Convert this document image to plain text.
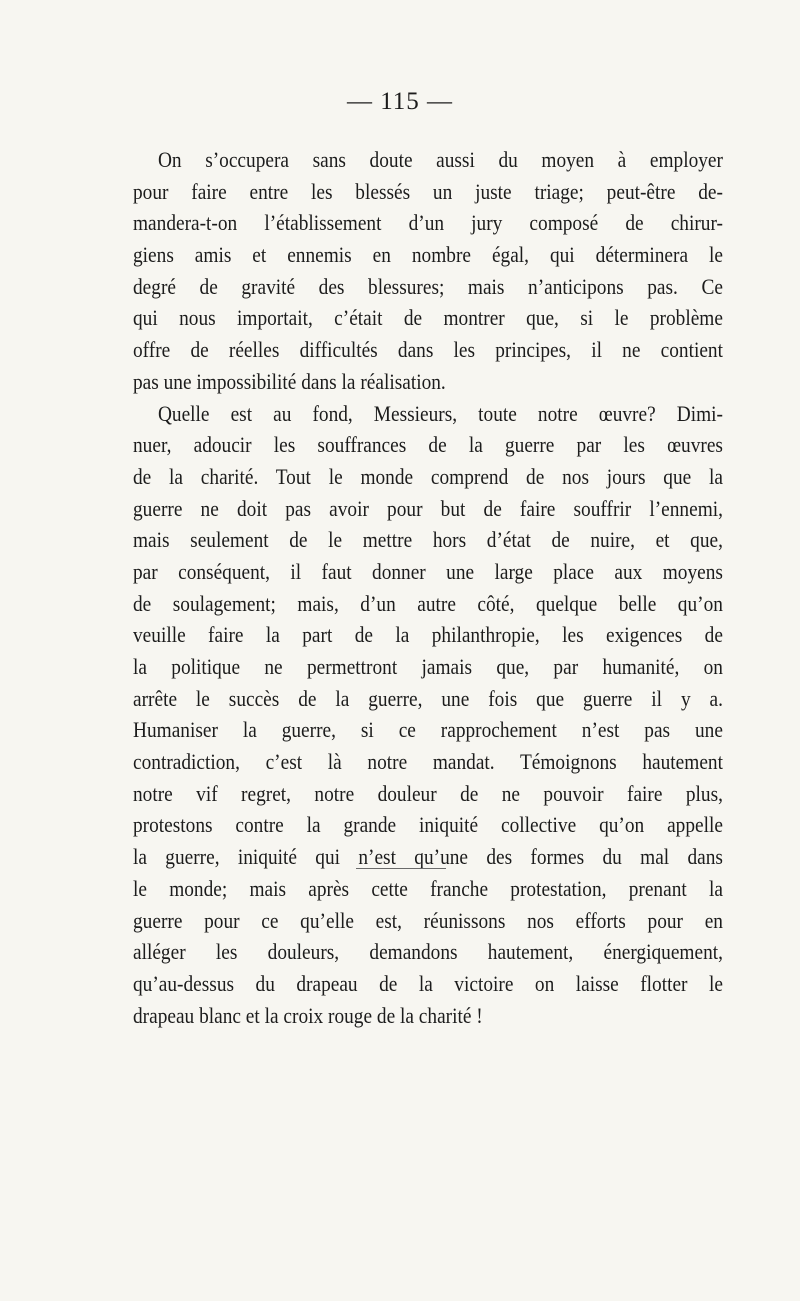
— 115 —
On s’occupera sans doute aussi du moyen à employer
pour faire entre les blessés un juste triage; peut-être de-
mandera-t-on l’établissement d’un jury composé de chirur-
giens amis et ennemis en nombre égal, qui déterminera le
degré de gravité des blessures; mais n’anticipons pas. Ce
qui nous importait, c’était de montrer que, si le problème
offre de réelles difficultés dans les principes, il ne contient
pas une impossibilité dans la réalisation.
Quelle est au fond, Messieurs, toute notre œuvre? Dimi-
nuer, adoucir les souffrances de la guerre par les œuvres
de la charité. Tout le monde comprend de nos jours que la
guerre ne doit pas avoir pour but de faire souffrir l’ennemi,
mais seulement de le mettre hors d’état de nuire, et que,
par conséquent, il faut donner une large place aux moyens
de soulagement; mais, d’un autre côté, quelque belle qu’on
veuille faire la part de la philanthropie, les exigences de
la politique ne permettront jamais que, par humanité, on
arrête le succès de la guerre, une fois que guerre il y a.
Humaniser la guerre, si ce rapprochement n’est pas une
contradiction, c’est là notre mandat. Témoignons hautement
notre vif regret, notre douleur de ne pouvoir faire plus,
protestons contre la grande iniquité collective qu’on appelle
la guerre, iniquité qui n’est qu’une des formes du mal dans
le monde; mais après cette franche protestation, prenant la
guerre pour ce qu’elle est, réunissons nos efforts pour en
alléger les douleurs, demandons hautement, énergiquement,
qu’au-dessus du drapeau de la victoire on laisse flotter le
drapeau blanc et la croix rouge de la charité !
